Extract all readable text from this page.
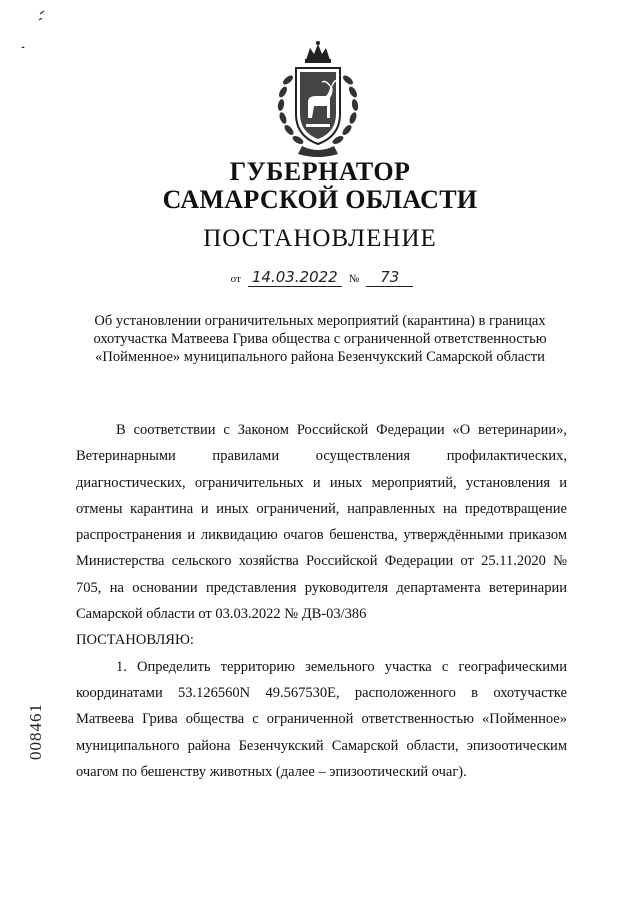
ГУБЕРНАТОР
САМАРСКОЙ ОБЛАСТИ
ПОСТАНОВЛЕНИЕ
от 14.03.2022 № 73
Об установлении ограничительных мероприятий (карантина) в границах охотучастка Матвеева Грива общества с ограниченной ответственностью «Пойменное» муниципального района Безенчукский Самарской области

В соответствии с Законом Российской Федерации «О ветеринарии», Ветеринарными правилами осуществления профилактических, диагностических, ограничительных и иных мероприятий, установления и отмены карантина и иных ограничений, направленных на предотвращение распространения и ликвидацию очагов бешенства, утверждёнными приказом Министерства сельского хозяйства Российской Федерации от 25.11.2020 № 705, на основании представления руководителя департамента ветеринарии Самарской области от 03.03.2022 № ДВ-03/386

ПОСТАНОВЛЯЮ:

1. Определить территорию земельного участка с географическими координатами 53.126560N 49.567530E, расположенного в охотучастке Матвеева Грива общества с ограниченной ответственностью «Пойменное» муниципального района Безенчукский Самарской области, эпизоотическим очагом по бешенству животных (далее – эпизоотический очаг).

008461
